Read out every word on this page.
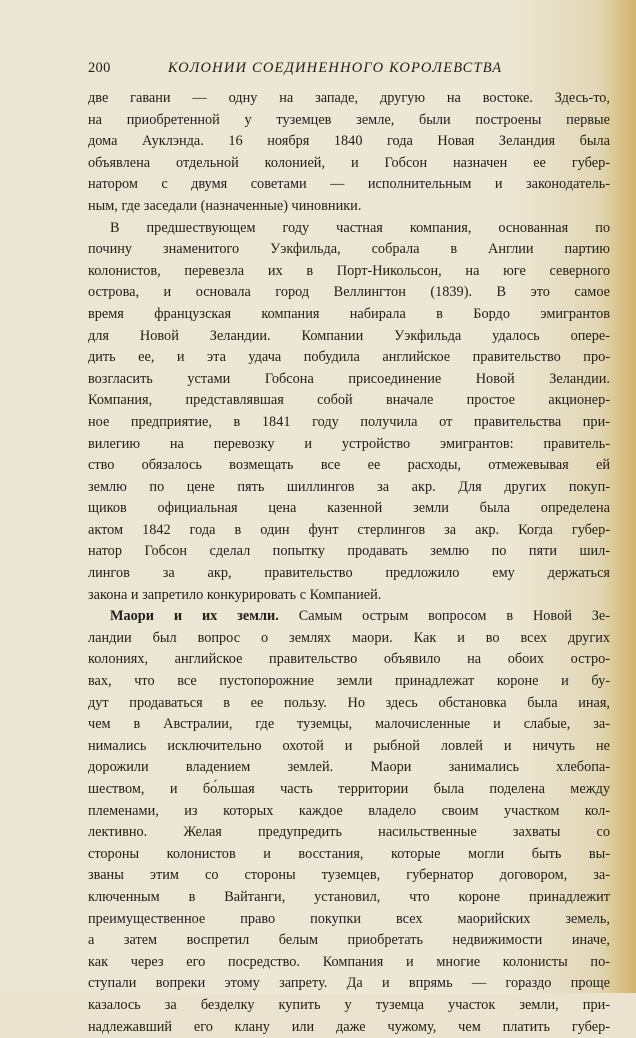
200	КОЛОНИИ СОЕДИНЕННОГО КОРОЛЕВСТВА
две гавани — одну на западе, другую на востоке. Здесь-то,
на приобретенной у туземцев земле, были построены первые
дома Ауклэнда. 16 ноября 1840 года Новая Зеландия была
объявлена отдельной колонией, и Гобсон назначен ее губер-
натором с двумя советами — исполнительным и законодатель-
ным, где заседали (назначенные) чиновники.
В предшествующем году частная компания, основанная по
почину знаменитого Уэкфильда, собрала в Англии партию
колонистов, перевезла их в Порт-Никольсон, на юге северного
острова, и основала город Веллингтон (1839). В это самое
время французская компания набирала в Бордо эмигрантов
для Новой Зеландии. Компании Уэкфильда удалось опере-
дить ее, и эта удача побудила английское правительство про-
возгласить устами Гобсона присоединение Новой Зеландии.
Компания, представлявшая собой вначале простое акционер-
ное предприятие, в 1841 году получила от правительства при-
вилегию на перевозку и устройство эмигрантов: правитель-
ство обязалось возмещать все ее расходы, отмежевывая ей
землю по цене пять шиллингов за акр. Для других покуп-
щиков официальная цена казенной земли была определена
актом 1842 года в один фунт стерлингов за акр. Когда губер-
натор Гобсон сделал попытку продавать землю по пяти шил-
лингов за акр, правительство предложило ему держаться
закона и запретило конкурировать с Компанией.
Маори и их земли. Самым острым вопросом в Новой Зе-
ландии был вопрос о землях маори. Как и во всех других
колониях, английское правительство объявило на обоих остро-
вах, что все пустопорожние земли принадлежат короне и бу-
дут продаваться в ее пользу. Но здесь обстановка была иная,
чем в Австралии, где туземцы, малочисленные и слабые, за-
нимались исключительно охотой и рыбной ловлей и ничуть не
дорожили владением землей. Маори занимались хлебопа-
шеством, и бо́льшая часть территории была поделена между
племенами, из которых каждое владело своим участком кол-
лективно. Желая предупредить насильственные захваты со
стороны колонистов и восстания, которые могли быть вы-
званы этим со стороны туземцев, губернатор договором, за-
ключенным в Вайтанги, установил, что короне принадлежит
преимущественное право покупки всех маорийских земель,
а затем воспретил белым приобретать недвижимости иначе,
как через его посредство. Компания и многие колонисты по-
ступали вопреки этому запрету. Да и впрямь — гораздо проще
казалось за безделку купить у туземца участок земли, при-
надлежавший его клану или даже чужому, чем платить губер-
